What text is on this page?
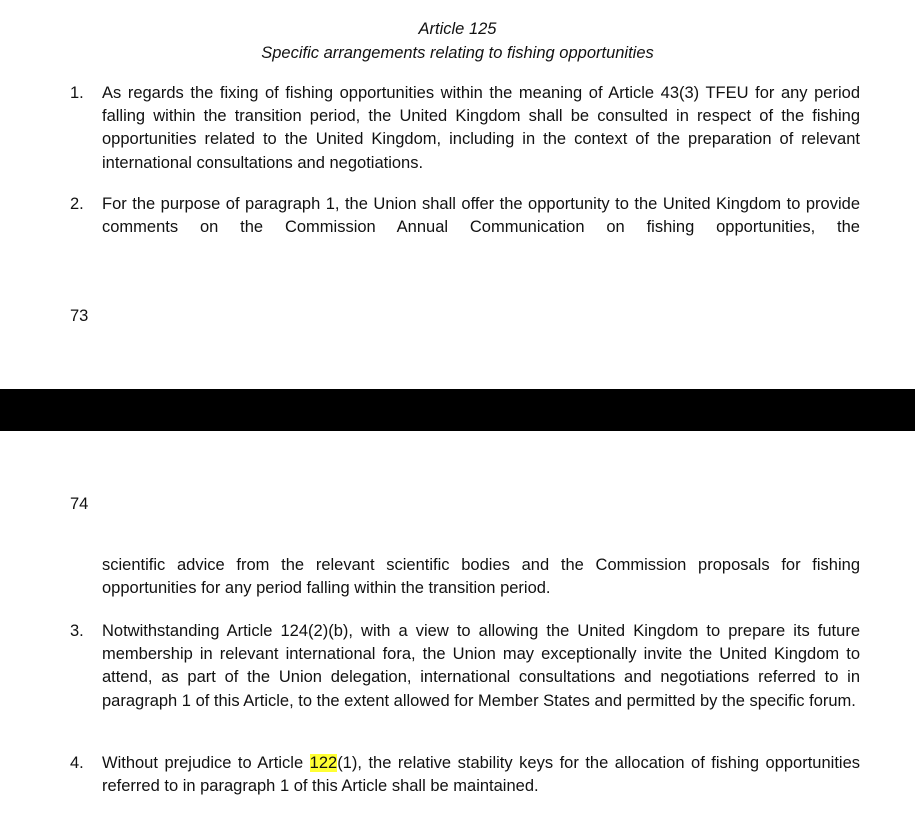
Article 125
Specific arrangements relating to fishing opportunities
1. As regards the fixing of fishing opportunities within the meaning of Article 43(3) TFEU for any period falling within the transition period, the United Kingdom shall be consulted in respect of the fishing opportunities related to the United Kingdom, including in the context of the preparation of relevant international consultations and negotiations.
2. For the purpose of paragraph 1, the Union shall offer the opportunity to the United Kingdom to provide comments on the Commission Annual Communication on fishing opportunities, the
73
74
scientific advice from the relevant scientific bodies and the Commission proposals for fishing opportunities for any period falling within the transition period.
3. Notwithstanding Article 124(2)(b), with a view to allowing the United Kingdom to prepare its future membership in relevant international fora, the Union may exceptionally invite the United Kingdom to attend, as part of the Union delegation, international consultations and negotiations referred to in paragraph 1 of this Article, to the extent allowed for Member States and permitted by the specific forum.
4. Without prejudice to Article 122(1), the relative stability keys for the allocation of fishing opportunities referred to in paragraph 1 of this Article shall be maintained.
